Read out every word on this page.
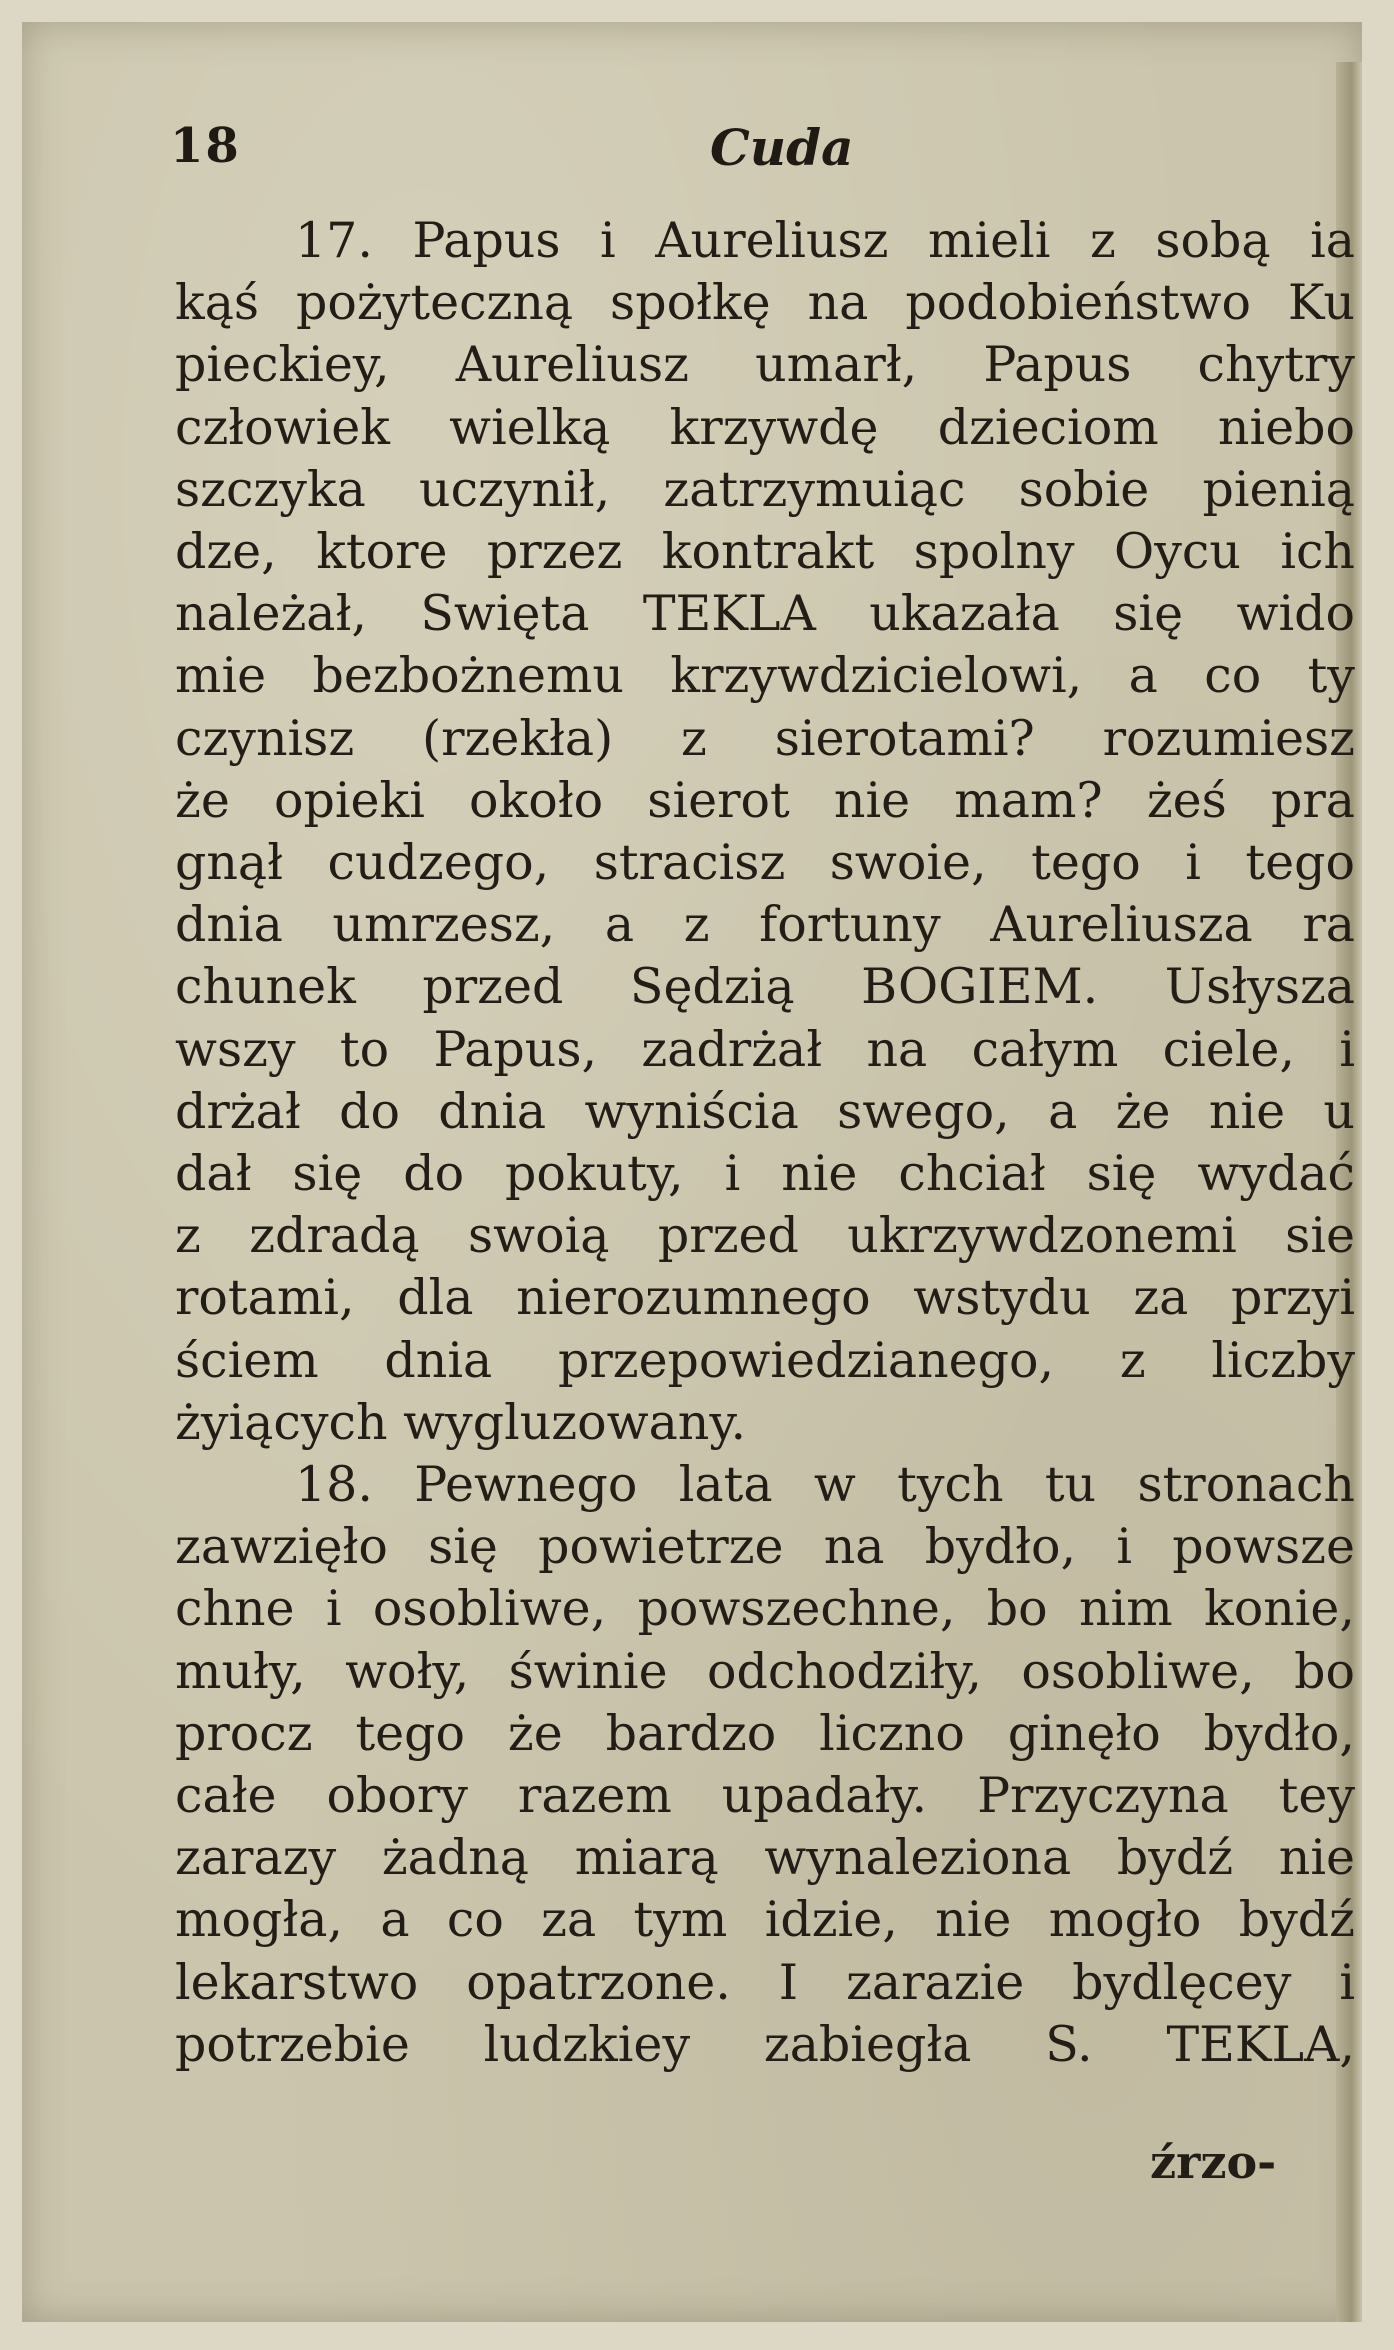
18	Cuda
17. Papus i Aureliusz mieli z sobą ia
kąś pożyteczną społkę na podobieństwo Ku
pieckiey, Aureliusz umarł, Papus chytry
człowiek wielką krzywdę dzieciom niebo
szczyka uczynił, zatrzymuiąc sobie pienią
dze, ktore przez kontrakt spolny Oycu ich
należał, Swięta TEKLA ukazała się wido
mie bezbożnemu krzywdzicielowi, a co ty
czynisz (rzekła) z sierotami? rozumiesz
że opieki około sierot nie mam? żeś pra
gnął cudzego, stracisz swoie, tego i tego
dnia umrzesz, a z fortuny Aureliusza ra
chunek przed Sędzią BOGIEM. Usłysza
wszy to Papus, zadrżał na całym ciele, i
drżał do dnia wyniścia swego, a że nie u
dał się do pokuty, i nie chciał się wydać
z zdradą swoią przed ukrzywdzonemi sie
rotami, dla nierozumnego wstydu za przyi
ściem dnia przepowiedzianego, z liczby
żyiących wygluzowany.
18. Pewnego lata w tych tu stronach
zawzięło się powietrze na bydło, i powsze
chne i osobliwe, powszechne, bo nim konie,
muły, woły, świnie odchodziły, osobliwe, bo
procz tego że bardzo liczno ginęło bydło,
całe obory razem upadały. Przyczyna tey
zarazy żadną miarą wynaleziona bydź nie
mogła, a co za tym idzie, nie mogło bydź
lekarstwo opatrzone. I zarazie bydlęcey i
potrzebie ludzkiey zabiegła S. TEKLA,
źrzo-
